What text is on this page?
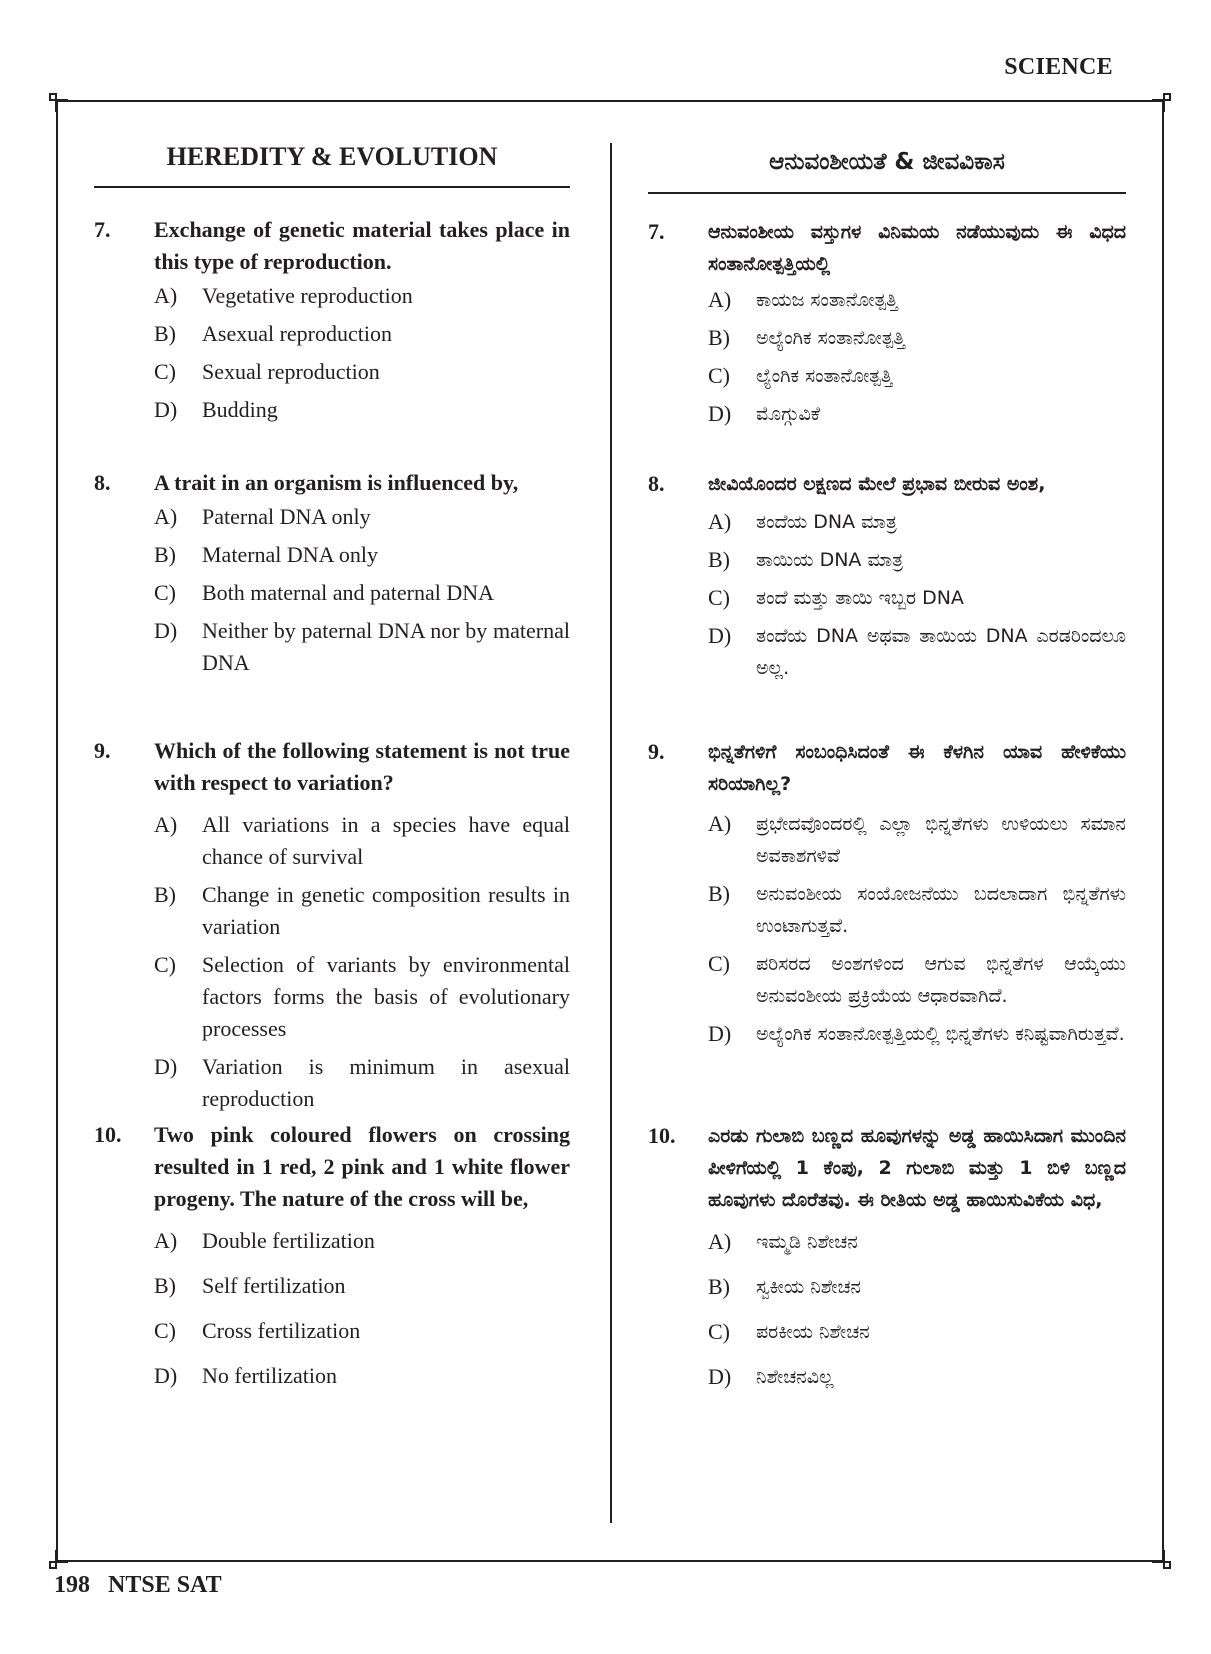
SCIENCE
HEREDITY & EVOLUTION
7.	Exchange of genetic material takes place in this type of reproduction.
A)	Vegetative reproduction
B)	Asexual reproduction
C)	Sexual reproduction
D)	Budding
8.	A trait in an organism is influenced by,
A)	Paternal DNA only
B)	Maternal DNA only
C)	Both maternal and paternal DNA
D)	Neither by paternal DNA nor by maternal DNA
9.	Which of the following statement is not true with respect to variation?
A)	All variations in a species have equal chance of survival
B)	Change in genetic composition results in variation
C)	Selection of variants by environmental factors forms the basis of evolutionary processes
D)	Variation is minimum in asexual reproduction
10.	Two pink coloured flowers on crossing resulted in 1 red, 2 pink and 1 white flower progeny. The nature of the cross will be,
A)	Double fertilization
B)	Self fertilization
C)	Cross fertilization
D)	No fertilization
ಆನುವಂಶೀಯತೆ & ಜೀವವಿಕಾಸ
7.	ಆನುವಂಶೀಯ ವಸ್ತುಗಳ ವಿನಿಮಯ ನಡೆಯುವುದು ಈ ವಿಧದ ಸಂತಾನೋತ್ಪತ್ತಿಯಲ್ಲಿ
A)	ಕಾಯಜ ಸಂತಾನೋತ್ಪತ್ತಿ
B)	ಅಲ್ಯೆಂಗಿಕ ಸಂತಾನೋತ್ಪತ್ತಿ
C)	ಲ್ಯೆಂಗಿಕ ಸಂತಾನೋತ್ಪತ್ತಿ
D)	ಮೊಗ್ಗುವಿಕೆ
8.	ಜೀವಿಯೊಂದರ ಲಕ್ಷಣದ ಮೇಲೆ ಪ್ರಭಾವ ಬೀರುವ ಅಂಶ,
A)	ತಂದೆಯ DNA ಮಾತ್ರ
B)	ತಾಯಿಯ DNA ಮಾತ್ರ
C)	ತಂದೆ ಮತ್ತು ತಾಯಿ ಇಬ್ಬರ DNA
D)	ತಂದೆಯ DNA ಅಥವಾ ತಾಯಿಯ DNA ಎರಡರಿಂದಲೂ ಅಲ್ಲ.
9.	ಭಿನ್ನತೆಗಳಿಗೆ ಸಂಬಂಧಿಸಿದಂತೆ ಈ ಕೆಳಗಿನ ಯಾವ ಹೇಳಿಕೆಯು ಸರಿಯಾಗಿಲ್ಲ?
A)	ಪ್ರಭೇದವೊಂದರಲ್ಲಿ ಎಲ್ಲಾ ಭಿನ್ನತೆಗಳು ಉಳಿಯಲು ಸಮಾನ ಅವಕಾಶಗಳಿವೆ
B)	ಅನುವಂಶೀಯ ಸಂಯೋಜನೆಯು ಬದಲಾದಾಗ ಭಿನ್ನತೆಗಳು ಉಂಟಾಗುತ್ತವೆ.
C)	ಪರಿಸರದ ಅಂಶಗಳಿಂದ ಆಗುವ ಭಿನ್ನತೆಗಳ ಆಯ್ಕೆಯು ಅನುವಂಶೀಯ ಪ್ರಕ್ರಿಯೆಯ ಆಧಾರವಾಗಿದೆ.
D)	ಅಲ್ಯೆಂಗಿಕ ಸಂತಾನೋತ್ಪತ್ತಿಯಲ್ಲಿ ಭಿನ್ನತೆಗಳು ಕನಿಷ್ಟವಾಗಿರುತ್ತವೆ.
10.	ಎರಡು ಗುಲಾಬಿ ಬಣ್ಣದ ಹೂವುಗಳನ್ನು ಅಡ್ಡ ಹಾಯಿಸಿದಾಗ ಮುಂದಿನ ಪೀಳಿಗೆಯಲ್ಲಿ 1 ಕೆಂಪು, 2 ಗುಲಾಬಿ ಮತ್ತು 1 ಬಿಳಿ ಬಣ್ಣದ ಹೂವುಗಳು ದೊರೆತವು. ಈ ರೀತಿಯ ಅಡ್ಡ ಹಾಯಿಸುವಿಕೆಯ ವಿಧ,
A)	ಇಮ್ಮಡಿ ನಿಶೇಚನ
B)	ಸ್ವಕೀಯ ನಿಶೇಚನ
C)	ಪರಕೀಯ ನಿಶೇಚನ
D)	ನಿಶೇಚನವಿಲ್ಲ
198 NTSE SAT
